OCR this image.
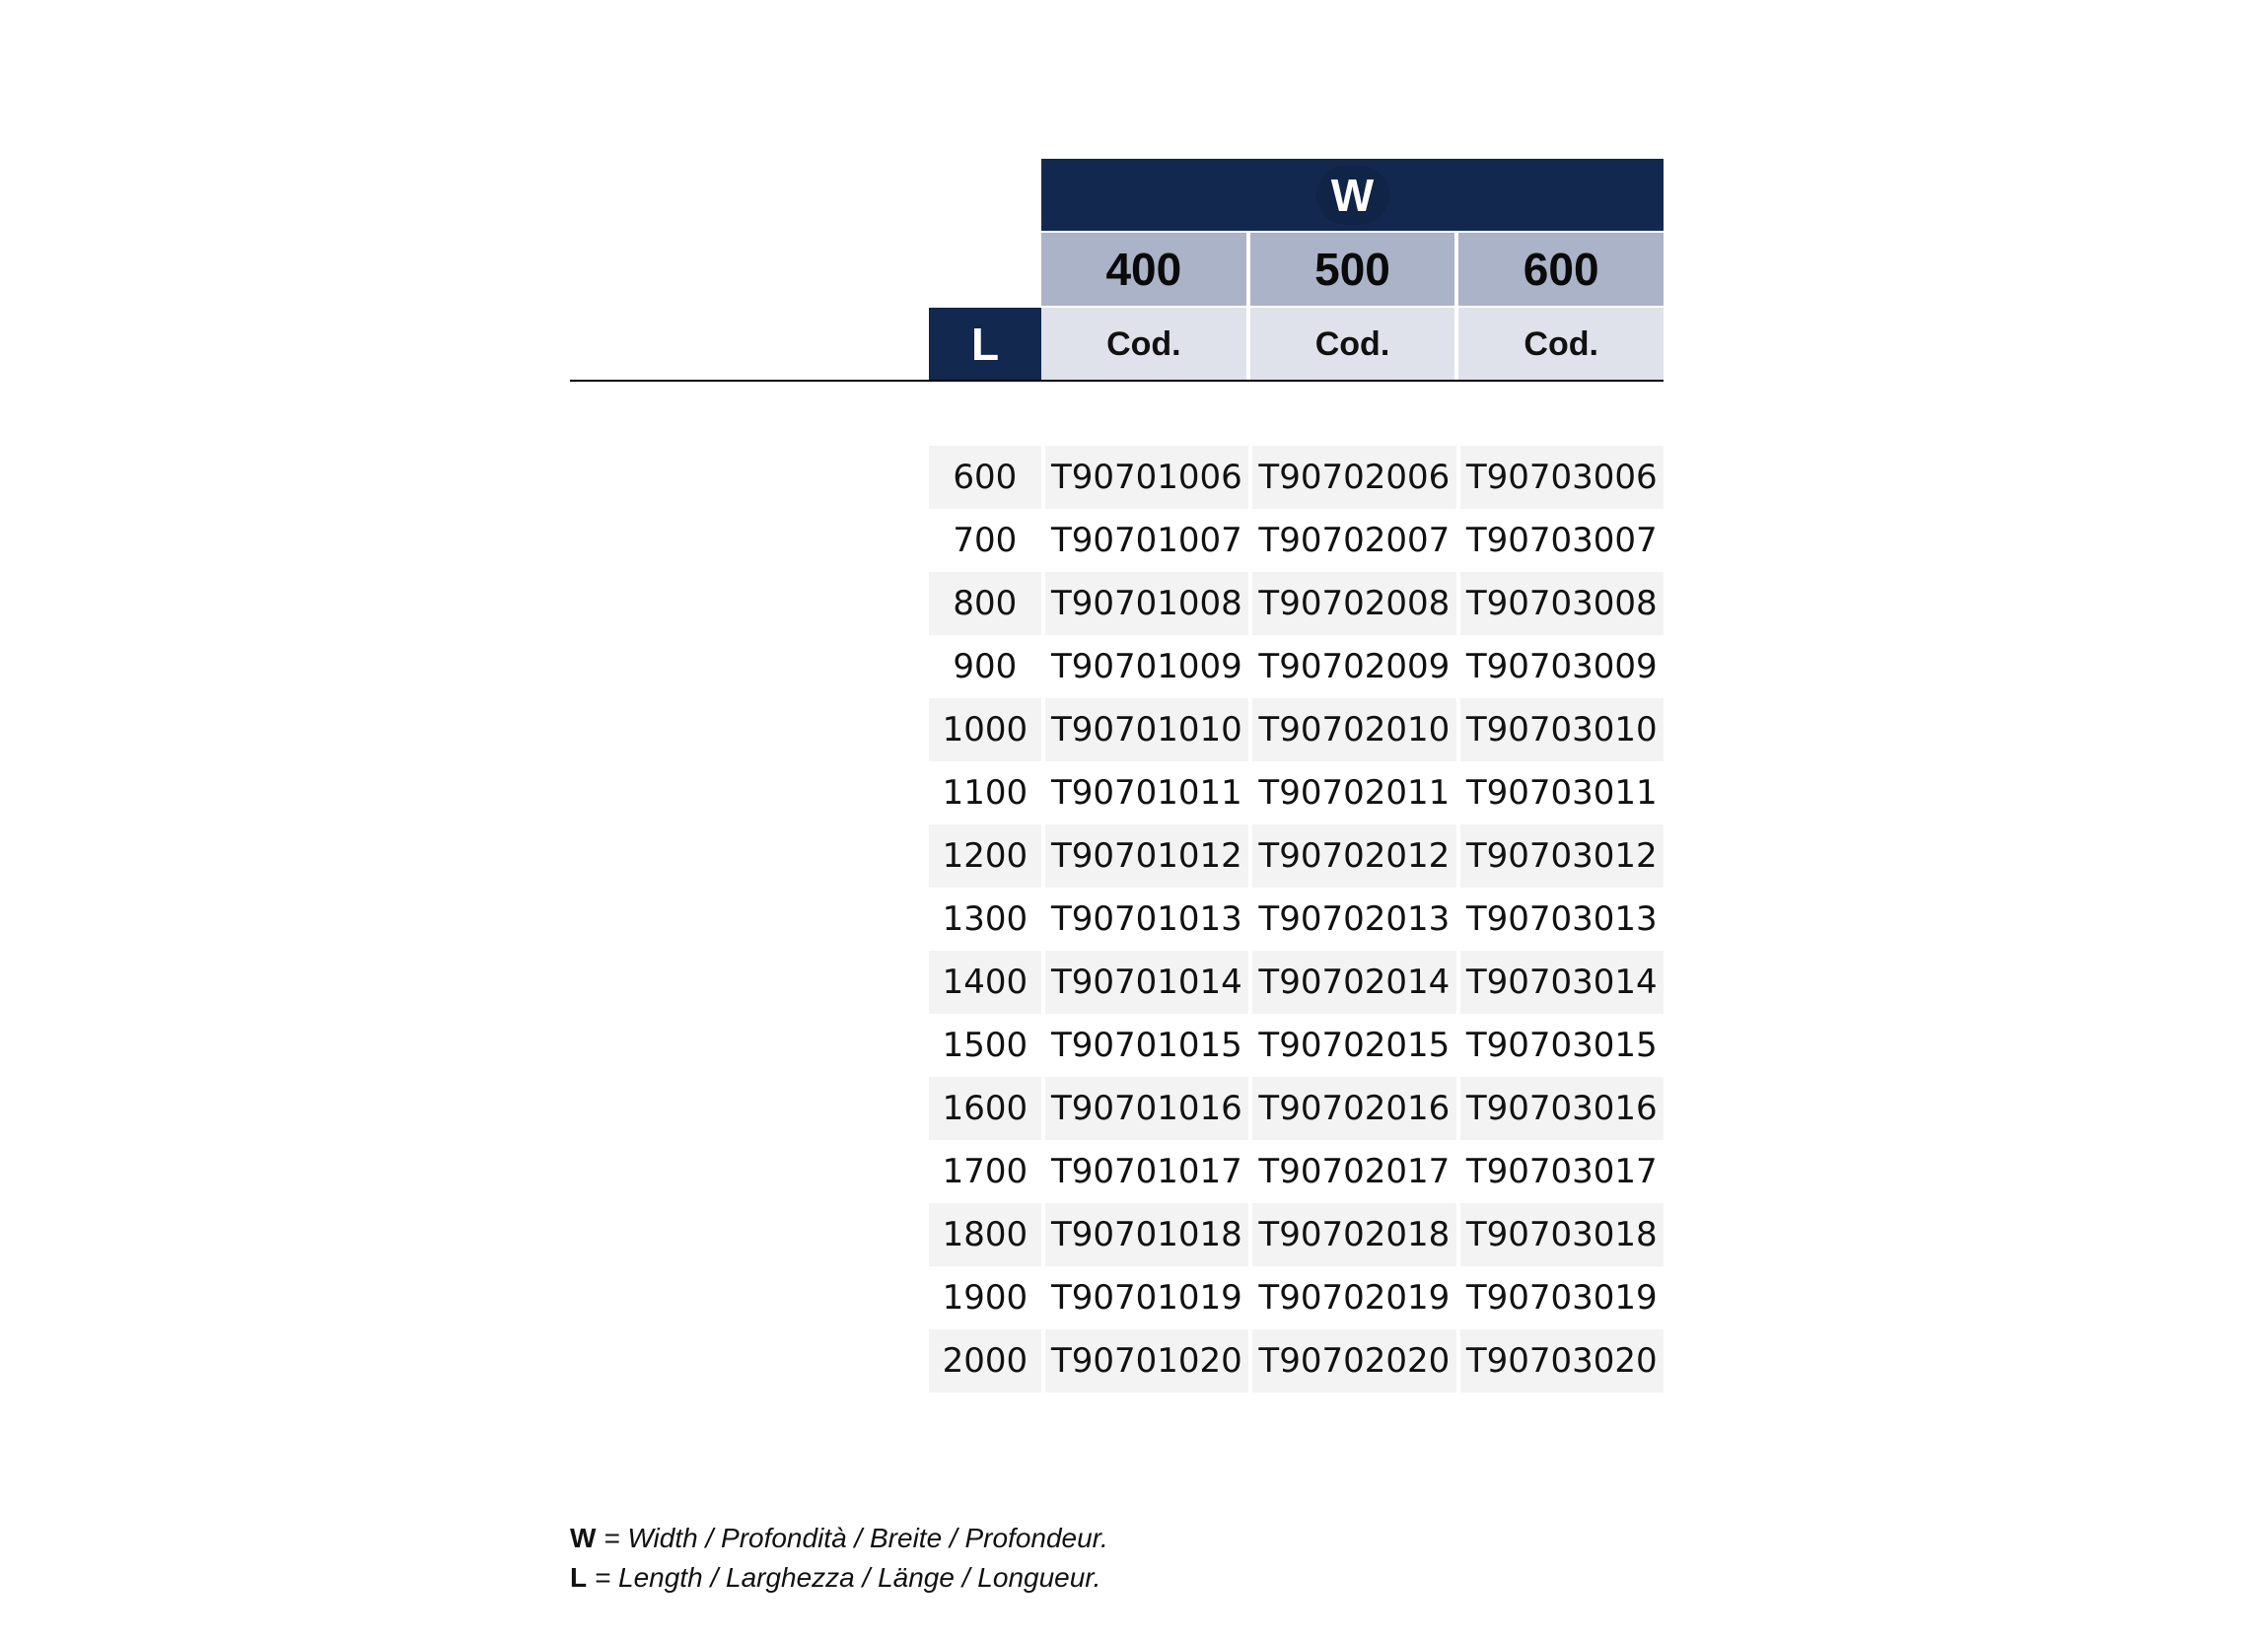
W
400	500	600
L	Cod.	Cod.	Cod.
600	T90701006 T90702006 T90703006
700	T90701007 T90702007 T90703007
800	T90701008 T90702008 T90703008
900	T90701009 T90702009 T90703009
1000 T90701010 T90702010 T90703010
1100 T90701011 T90702011 T90703011
1200 T90701012 T90702012 T90703012
1300 T90701013 T90702013 T90703013
1400 T90701014 T90702014 T90703014
1500 T90701015 T90702015 T90703015
1600 T90701016 T90702016 T90703016
1700 T90701017 T90702017 T90703017
1800 T90701018 T90702018 T90703018
1900 T90701019 T90702019 T90703019
2000 T90701020 T90702020 T90703020
W = Width / Profondità / Breite / Profondeur.
L = Length / Larghezza / Länge / Longueur.
